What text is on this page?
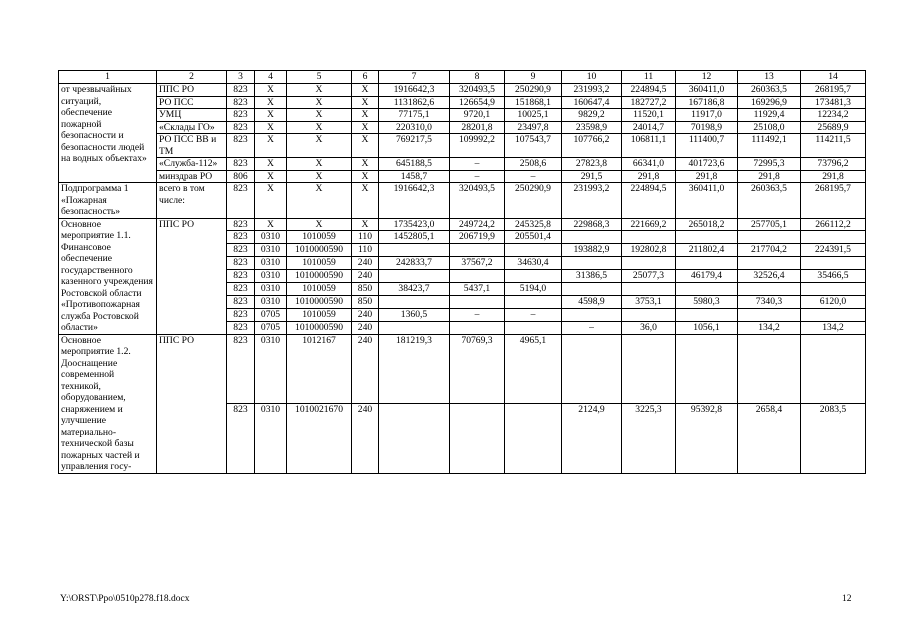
1	2	3	4	5	6	7	8	9	10	11	12	13	14
от чрезвычайных ситуаций, обеспечение пожарной безопасности и безопасности людей на водных объектах»	ППС РО	823	Х	Х	Х	1916642,3	320493,5	250290,9	231993,2	224894,5	360411,0	260363,5	268195,7
	РО ПСС	823	Х	Х	Х	1131862,6	126654,9	151868,1	160647,4	182727,2	167186,8	169296,9	173481,3
	УМЦ	823	Х	Х	Х	77175,1	9720,1	10025,1	9829,2	11520,1	11917,0	11929,4	12234,2
	«Склады ГО»	823	Х	Х	Х	220310,0	28201,8	23497,8	23598,9	24014,7	70198,9	25108,0	25689,9
	РО ПСС ВВ и ТМ	823	Х	Х	Х	769217,5	109992,2	107543,7	107766,2	106811,1	111400,7	111492,1	114211,5
	«Служба-112»	823	Х	Х	Х	645188,5	–	2508,6	27823,8	66341,0	401723,6	72995,3	73796,2
	минздрав РО	806	Х	Х	Х	1458,7	–	–	291,5	291,8	291,8	291,8	291,8
Подпрограмма 1 «Пожарная безопасность»	всего в том числе:	823	Х	Х	Х	1916642,3	320493,5	250290,9	231993,2	224894,5	360411,0	260363,5	268195,7
Основное мероприятие 1.1. Финансовое обеспечение государственного казенного учреждения Ростовской области «Противопожарная служба Ростовской области»	ППС РО	823	Х	Х	Х	1735423,0	249724,2	245325,8	229868,3	221669,2	265018,2	257705,1	266112,2
		823	0310	1010059	110	1452805,1	206719,9	205501,4					
		823	0310	1010000590	110				193882,9	192802,8	211802,4	217704,2	224391,5
		823	0310	1010059	240	242833,7	37567,2	34630,4					
		823	0310	1010000590	240				31386,5	25077,3	46179,4	32526,4	35466,5
		823	0310	1010059	850	38423,7	5437,1	5194,0					
		823	0310	1010000590	850				4598,9	3753,1	5980,3	7340,3	6120,0
		823	0705	1010059	240	1360,5	–	–					
		823	0705	1010000590	240				–	36,0	1056,1	134,2	134,2
Основное мероприятие 1.2. Дооснащение современной техникой, оборудованием, снаряжением и улучшение материально-технической базы пожарных частей и управления госу-	ППС РО	823	0310	1012167	240	181219,3	70769,3	4965,1					
		823	0310	1010021670	240				2124,9	3225,3	95392,8	2658,4	2083,5
Y:\ORST\Ppo\0510p278.f18.docx	12
